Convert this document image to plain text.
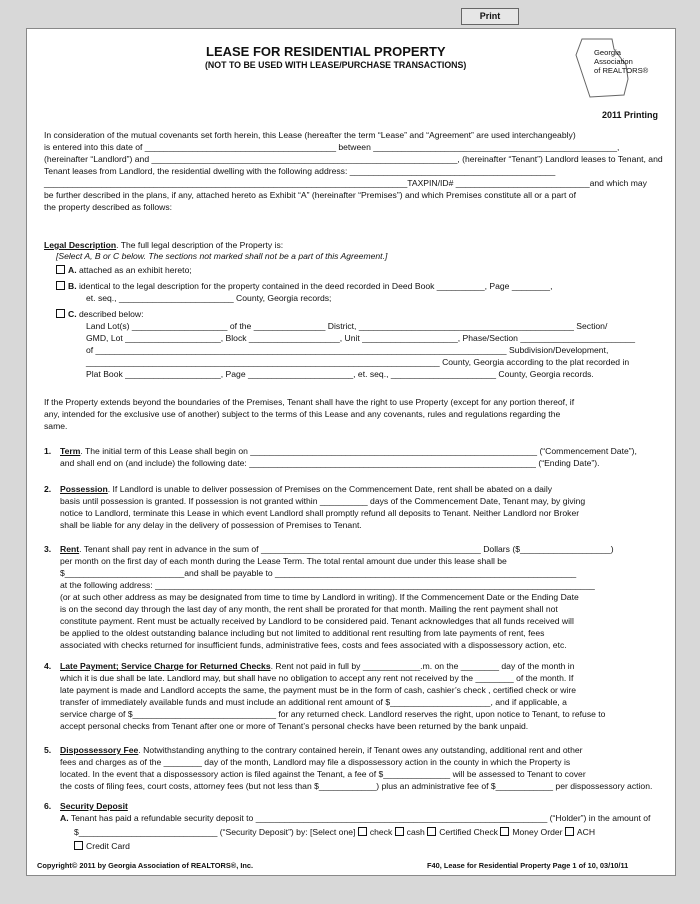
Print
LEASE FOR RESIDENTIAL PROPERTY
(NOT TO BE USED WITH LEASE/PURCHASE TRANSACTIONS)
Georgia
Association
of REALTORS®
2011 Printing
In consideration of the mutual covenants set forth herein, this Lease (hereafter the term “Lease” and “Agreement” are used interchangeably)
is entered into this date of ________________________________________ between ___________________________________________________,
(hereinafter “Landlord”) and ________________________________________________________________, (hereinafter “Tenant”) Landlord leases to Tenant, and
Tenant leases from Landlord, the residential dwelling with the following address: ___________________________________________
____________________________________________________________________________TAXPIN/ID# ____________________________and which may
be further described in the plans, if any, attached hereto as Exhibit “A” (hereinafter “Premises”) and which Premises constitute all or a part of
the property described as follows:
Legal Description. The full legal description of the Property is:
[Select A, B or C below. The sections not marked shall not be a part of this Agreement.]
A. attached as an exhibit hereto;
B. identical to the legal description for the property contained in the deed recorded in Deed Book __________, Page ________,
et. seq., ________________________ County, Georgia records;
C. described below:
Land Lot(s) ____________________ of the _______________ District, _____________________________________________ Section/
GMD, Lot ____________________, Block ___________________, Unit ____________________, Phase/Section ________________________
of ______________________________________________________________________________________ Subdivision/Development,
__________________________________________________________________________ County, Georgia according to the plat recorded in
Plat Book ____________________, Page ______________________, et. seq., ______________________ County, Georgia records.
If the Property extends beyond the boundaries of the Premises, Tenant shall have the right to use Property (except for any portion thereof, if
any, intended for the exclusive use of another) subject to the terms of this Lease and any covenants, rules and regulations regarding the
same.
1. Term. The initial term of this Lease shall begin on ____________________________________________________________ (“Commencement Date”),
and shall end on (and include) the following date: ____________________________________________________________ (“Ending Date”).
2. Possession. If Landlord is unable to deliver possession of Premises on the Commencement Date, rent shall be abated on a daily
basis until possession is granted. If possession is not granted within __________ days of the Commencement Date, Tenant may, by giving
notice to Landlord, terminate this Lease in which event Landlord shall promptly refund all deposits to Tenant. Neither Landlord nor Broker
shall be liable for any delay in the delivery of possession of Premises to Tenant.
3. Rent. Tenant shall pay rent in advance in the sum of ______________________________________________ Dollars ($___________________)
per month on the first day of each month during the Lease Term. The total rental amount due under this lease shall be
$_________________________and shall be payable to _______________________________________________________________
at the following address: ____________________________________________________________________________________________
(or at such other address as may be designated from time to time by Landlord in writing). If the Commencement Date or the Ending Date
is on the second day through the last day of any month, the rent shall be prorated for that month. Mailing the rent payment shall not
constitute payment. Rent must be actually received by Landlord to be considered paid. Tenant acknowledges that all funds received will
be applied to the oldest outstanding balance including but not limited to additional rent resulting from late payments of rent, fees
associated with checks returned for insufficient funds, administrative fees, costs and fees associated with a dispossessory action, etc.
4. Late Payment; Service Charge for Returned Checks. Rent not paid in full by ____________.m. on the ________ day of the month in
which it is due shall be late. Landlord may, but shall have no obligation to accept any rent not received by the ________ of the month. If
late payment is made and Landlord accepts the same, the payment must be in the form of cash, cashier’s check , certified check or wire
transfer of immediately available funds and must include an additional rent amount of $_____________________, and if applicable, a
service charge of $______________________________ for any returned check. Landlord reserves the right, upon notice to Tenant, to refuse to
accept personal checks from Tenant after one or more of Tenant’s personal checks have been returned by the bank unpaid.
5. Dispossessory Fee. Notwithstanding anything to the contrary contained herein, if Tenant owes any outstanding, additional rent and other
fees and charges as of the ________ day of the month, Landlord may file a dispossessory action in the county in which the Property is
located. In the event that a dispossessory action is filed against the Tenant, a fee of $______________ will be assessed to Tenant to cover
the costs of filing fees, court costs, attorney fees (but not less than $____________) plus an administrative fee of $____________ per dispossessory action.
6. Security Deposit
A. Tenant has paid a refundable security deposit to _____________________________________________________________ (“Holder”) in the amount of
$_____________________________ (“Security Deposit”) by: [Select one] check cash Certified Check Money Order ACH
Credit Card
Copyright© 2011 by Georgia Association of REALTORS®, Inc.	F40, Lease for Residential Property Page 1 of 10, 03/10/11
